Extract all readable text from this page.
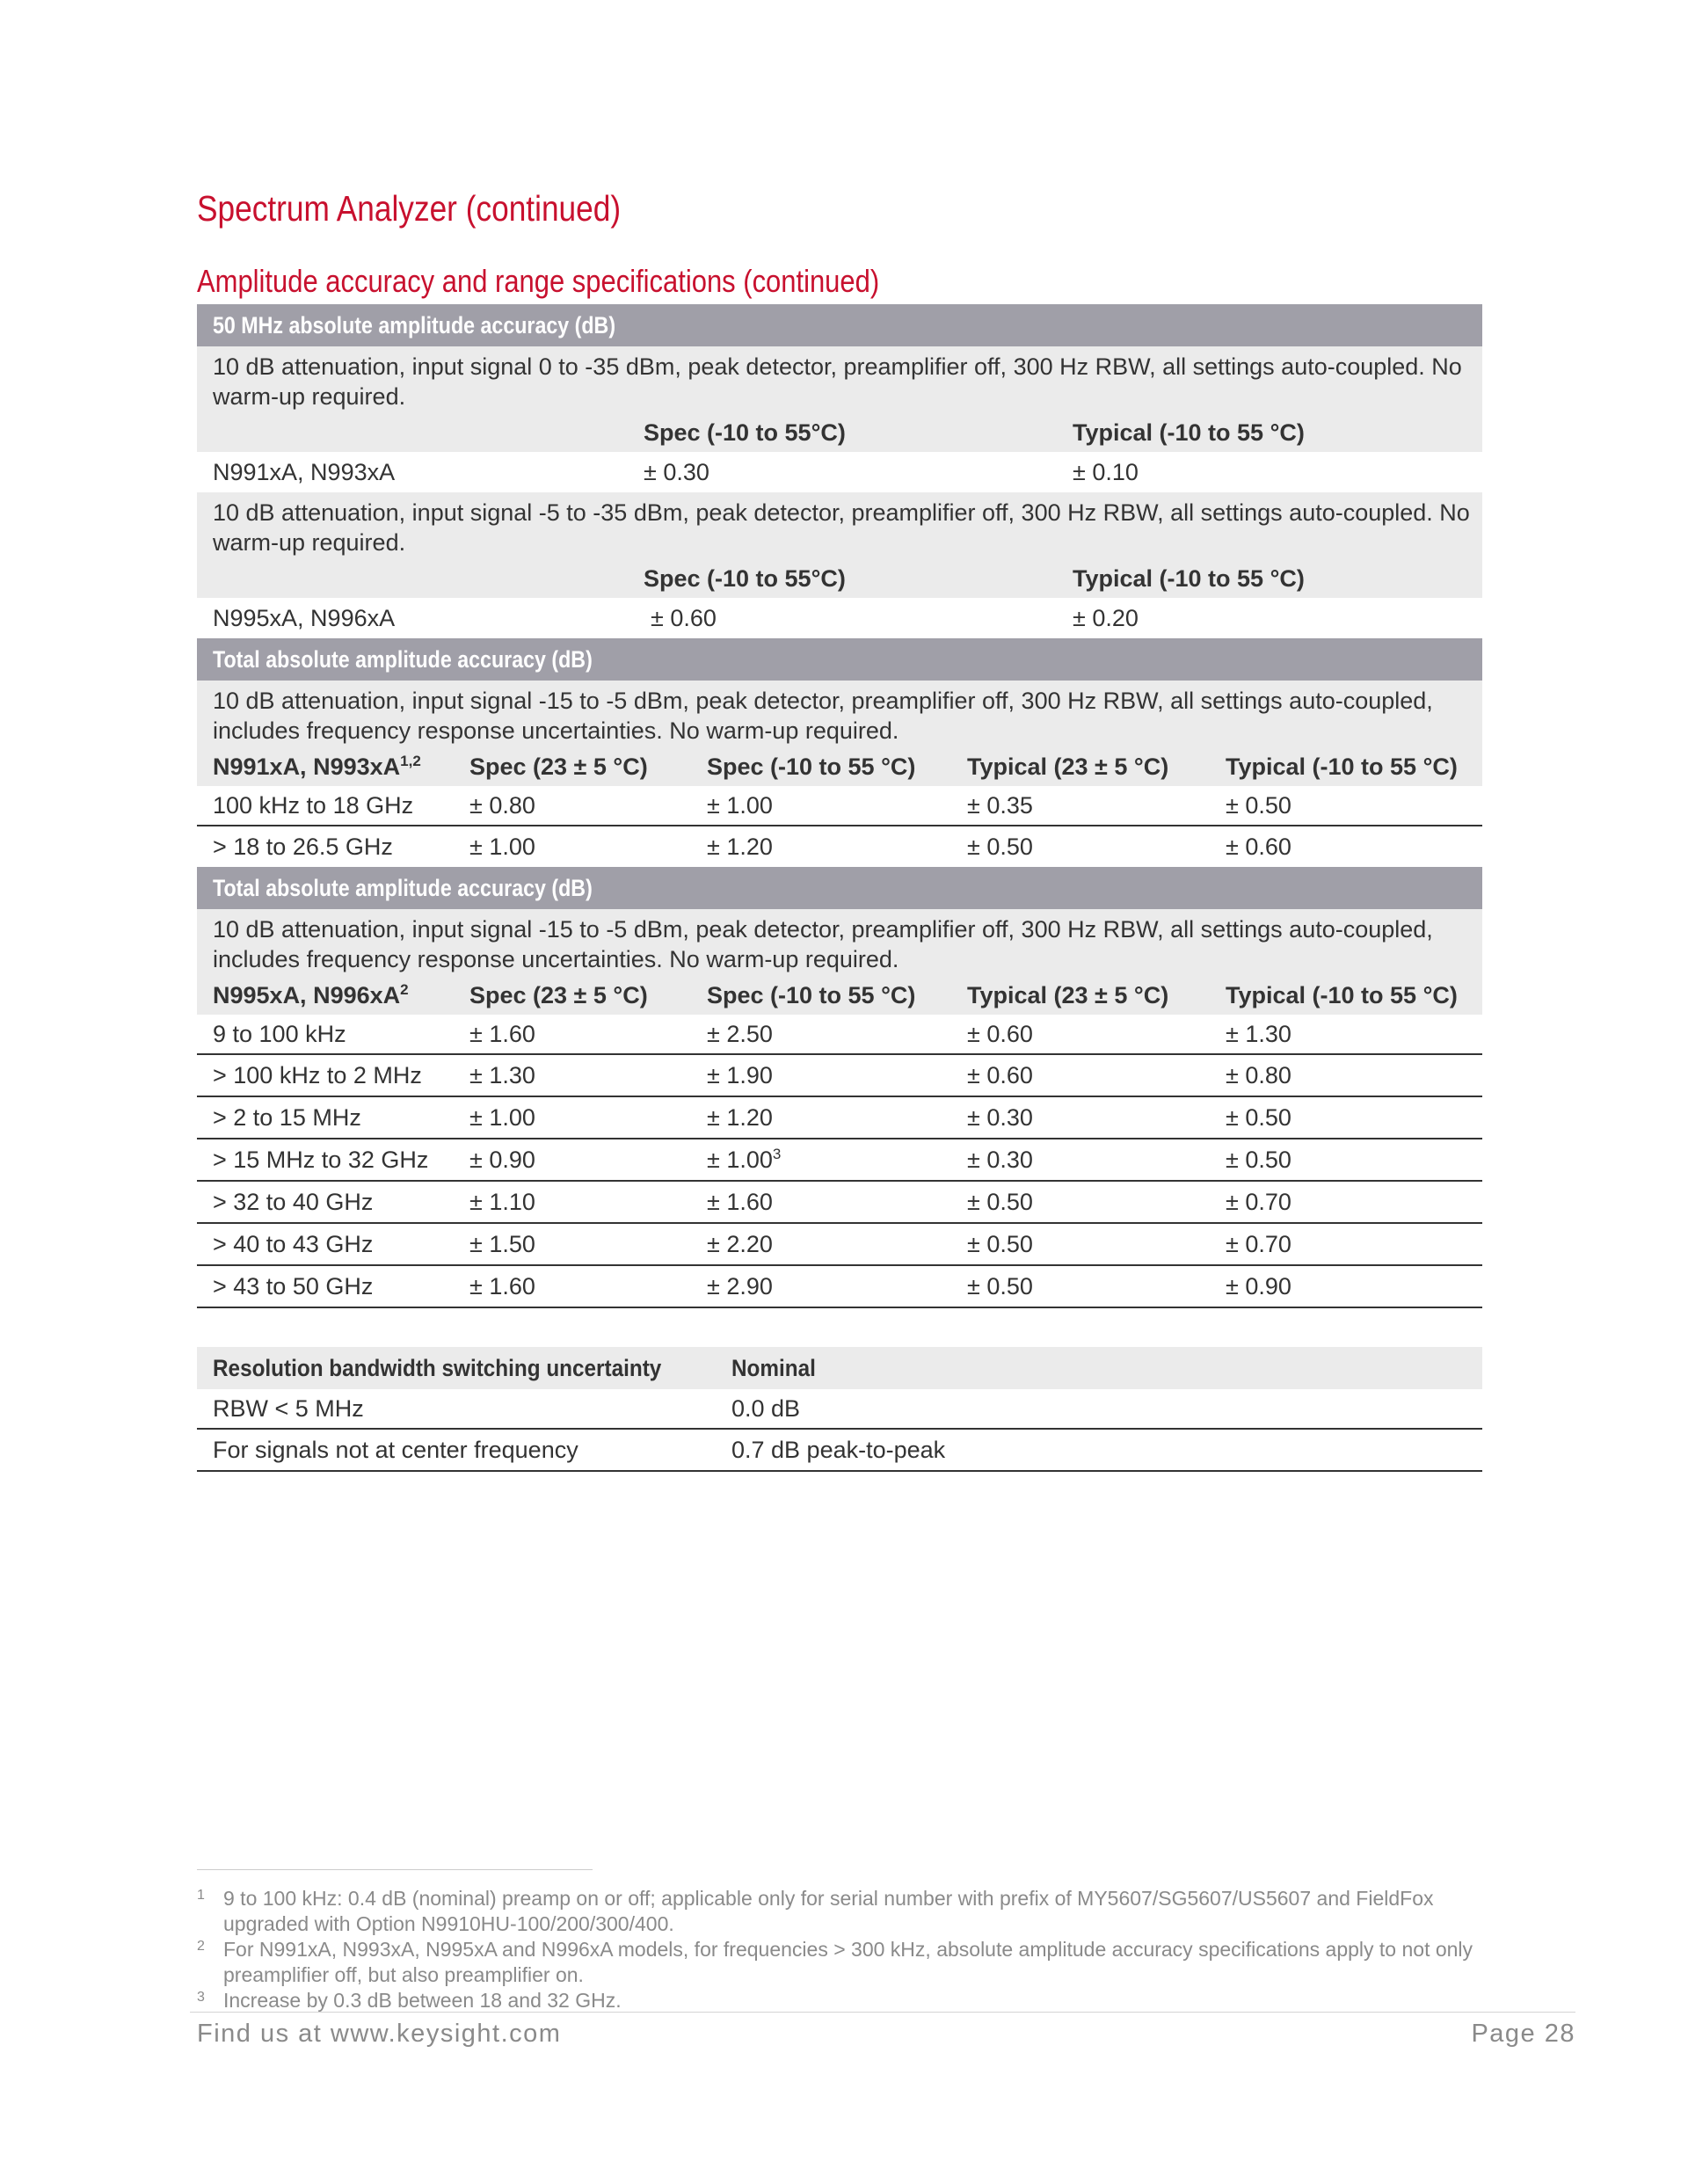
Spectrum Analyzer (continued)
Amplitude accuracy and range specifications (continued)
50 MHz absolute amplitude accuracy (dB)		
10 dB attenuation, input signal 0 to -35 dBm, peak detector, preamplifier off, 300 Hz RBW, all settings auto-coupled. No warm-up required.		
	Spec (-10 to 55°C)	Typical (-10 to 55 °C)
N991xA, N993xA	± 0.30	± 0.10
10 dB attenuation, input signal -5 to -35 dBm, peak detector, preamplifier off, 300 Hz RBW, all settings auto-coupled. No warm-up required.		
	Spec (-10 to 55°C)	Typical (-10 to 55 °C)
N995xA, N996xA	± 0.60	± 0.20
Total absolute amplitude accuracy (dB)				
10 dB attenuation, input signal -15 to -5 dBm, peak detector, preamplifier off, 300 Hz RBW, all settings auto-coupled, includes frequency response uncertainties. No warm-up required.				
N991xA, N993xA$^{1,2}$	Spec (23 ± 5 °C)	Spec (-10 to 55 °C)	Typical (23 ± 5 °C)	Typical (-10 to 55 °C)
100 kHz to 18 GHz	± 0.80	± 1.00	± 0.35	± 0.50
> 18 to 26.5 GHz	± 1.00	± 1.20	± 0.50	± 0.60
Total absolute amplitude accuracy (dB)				
10 dB attenuation, input signal -15 to -5 dBm, peak detector, preamplifier off, 300 Hz RBW, all settings auto-coupled, includes frequency response uncertainties. No warm-up required.				
N995xA, $N996xA^2$	Spec (23 ± 5 °C)	Spec (-10 to 55 °C)	Typical (23 ± 5 °C)	Typical (-10 to 55 °C)
9 to 100 kHz	± 1.60	± 2.50	± 0.60	± 1.30
> 100 kHz to 2 MHz	± 1.30	± 1.90	± 0.60	± 0.80
> 2 to 15 MHz	± 1.00	± 1.20	± 0.30	± 0.50
> 15 MHz to 32 GHz	± 0.90	± $1.00^3$	± 0.30	± 0.50
> 32 to 40 GHz	± 1.10	± 1.60	± 0.50	± 0.70
> 40 to 43 GHz	± 1.50	± 2.20	± 0.50	± 0.70
> 43 to 50 GHz	± 1.60	± 2.90	± 0.50	± 0.90
Resolution bandwidth switching uncertainty	Nominal
RBW < 5 MHz	0.0 dB
For signals not at center frequency	0.7 dB peak-to-peak
1 9 to 100 kHz: 0.4 dB (nominal) preamp on or off; applicable only for serial number with prefix of MY5607/SG5607/US5607 and FieldFox upgraded with Option N9910HU-100/200/300/400.
2 For N991xA, N993xA, N995xA and N996xA models, for frequencies > 300 kHz, absolute amplitude accuracy specifications apply to not only preamplifier off, but also preamplifier on.
3 Increase by 0.3 dB between 18 and 32 GHz.
Find us at www.keysight.com	Page 28
